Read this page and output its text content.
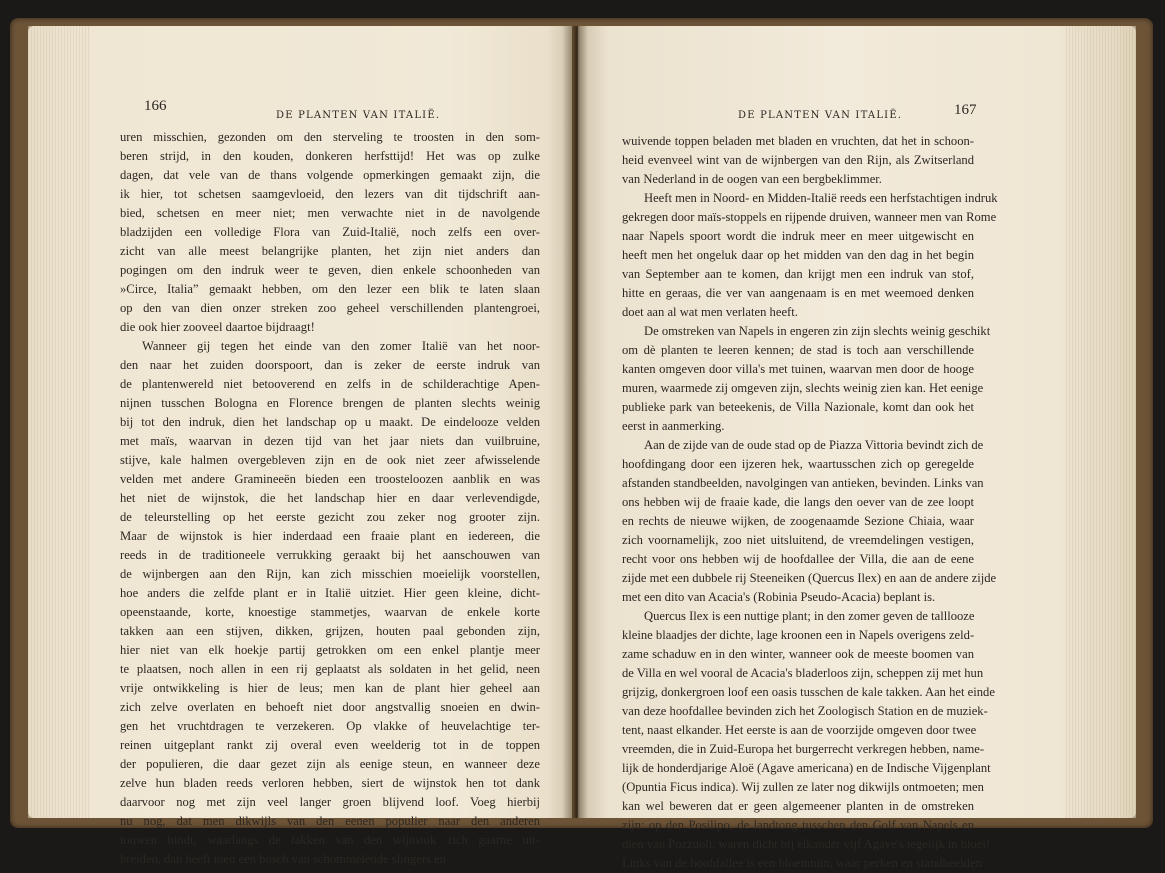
166
DE PLANTEN VAN ITALIË.
uren misschien, gezonden om den sterveling te troosten in den som-
beren strijd, in den kouden, donkeren herfsttijd! Het was op zulke
dagen, dat vele van de thans volgende opmerkingen gemaakt zijn, die
ik hier, tot schetsen saamgevloeid, den lezers van dit tijdschrift aan-
bied, schetsen en meer niet; men verwachte niet in de navolgende
bladzijden een volledige Flora van Zuid-Italië, noch zelfs een over-
zicht van alle meest belangrijke planten, het zijn niet anders dan
pogingen om den indruk weer te geven, dien enkele schoonheden van
»Circe, Italia” gemaakt hebben, om den lezer een blik te laten slaan
op den van dien onzer streken zoo geheel verschillenden plantengroei,
die ook hier zooveel daartoe bijdraagt!
Wanneer gij tegen het einde van den zomer Italië van het noor-
den naar het zuiden doorspoort, dan is zeker de eerste indruk van
de plantenwereld niet betooverend en zelfs in de schilderachtige Apen-
nijnen tusschen Bologna en Florence brengen de planten slechts weinig
bij tot den indruk, dien het landschap op u maakt. De eindelooze velden
met maïs, waarvan in dezen tijd van het jaar niets dan vuilbruine,
stijve, kale halmen overgebleven zijn en de ook niet zeer afwisselende
velden met andere Gramineeën bieden een troosteloozen aanblik en was
het niet de wijnstok, die het landschap hier en daar verlevendigde,
de teleurstelling op het eerste gezicht zou zeker nog grooter zijn.
Maar de wijnstok is hier inderdaad een fraaie plant en iedereen, die
reeds in de traditioneele verrukking geraakt bij het aanschouwen van
de wijnbergen aan den Rijn, kan zich misschien moeielijk voorstellen,
hoe anders die zelfde plant er in Italië uitziet. Hier geen kleine, dicht-
opeenstaande, korte, knoestige stammetjes, waarvan de enkele korte
takken aan een stijven, dikken, grijzen, houten paal gebonden zijn,
hier niet van elk hoekje partij getrokken om een enkel plantje meer
te plaatsen, noch allen in een rij geplaatst als soldaten in het gelid, neen
vrije ontwikkeling is hier de leus; men kan de plant hier geheel aan
zich zelve overlaten en behoeft niet door angstvallig snoeien en dwin-
gen het vruchtdragen te verzekeren. Op vlakke of heuvelachtige ter-
reinen uitgeplant rankt zij overal even weelderig tot in de toppen
der populieren, die daar gezet zijn als eenige steun, en wanneer deze
zelve hun bladen reeds verloren hebben, siert de wijnstok hen tot dank
daarvoor nog met zijn veel langer groen blijvend loof. Voeg hierbij
nu nog, dat men dikwijls van den eenen populier naar den anderen
touwen bindt, waarlangs de takken van den wijnstok zich gaarne uit-
breiden, dan heeft men een bosch van schommelende slingers en
DE PLANTEN VAN ITALIË.	167
wuivende toppen beladen met bladen en vruchten, dat het in schoon-
heid evenveel wint van de wijnbergen van den Rijn, als Zwitserland
van Nederland in de oogen van een bergbeklimmer.
Heeft men in Noord- en Midden-Italië reeds een herfstachtigen indruk
gekregen door maïs-stoppels en rijpende druiven, wanneer men van Rome
naar Napels spoort wordt die indruk meer en meer uitgewischt en
heeft men het ongeluk daar op het midden van den dag in het begin
van September aan te komen, dan krijgt men een indruk van stof,
hitte en geraas, die ver van aangenaam is en met weemoed denken
doet aan al wat men verlaten heeft.
De omstreken van Napels in engeren zin zijn slechts weinig geschikt
om dè planten te leeren kennen; de stad is toch aan verschillende
kanten omgeven door villa's met tuinen, waarvan men door de hooge
muren, waarmede zij omgeven zijn, slechts weinig zien kan. Het eenige
publieke park van beteekenis, de Villa Nazionale, komt dan ook het
eerst in aanmerking.
Aan de zijde van de oude stad op de Piazza Vittoria bevindt zich de
hoofdingang door een ijzeren hek, waartusschen zich op geregelde
afstanden standbeelden, navolgingen van antieken, bevinden. Links van
ons hebben wij de fraaie kade, die langs den oever van de zee loopt
en rechts de nieuwe wijken, de zoogenaamde Sezione Chiaia, waar
zich voornamelijk, zoo niet uitsluitend, de vreemdelingen vestigen,
recht voor ons hebben wij de hoofdallee der Villa, die aan de eene
zijde met een dubbele rij Steeneiken (Quercus Ilex) en aan de andere zijde
met een dito van Acacia's (Robinia Pseudo-Acacia) beplant is.
Quercus Ilex is een nuttige plant; in den zomer geven de talllooze
kleine blaadjes der dichte, lage kroonen een in Napels overigens zeld-
zame schaduw en in den winter, wanneer ook de meeste boomen van
de Villa en wel vooral de Acacia's bladerloos zijn, scheppen zij met hun
grijzig, donkergroen loof een oasis tusschen de kale takken. Aan het einde
van deze hoofdallee bevinden zich het Zoologisch Station en de muziek-
tent, naast elkander. Het eerste is aan de voorzijde omgeven door twee
vreemden, die in Zuid-Europa het burgerrecht verkregen hebben, name-
lijk de honderdjarige Aloë (Agave americana) en de Indische Vijgenplant
(Opuntia Ficus indica). Wij zullen ze later nog dikwijls ontmoeten; men
kan wel beweren dat er geen algemeener planten in de omstreken
zijn: op den Posilipo, de landtong tusschen den Golf van Napels en
dien van Pozzuoli, waren dicht bij elkander vijf Agave's tegelijk in bloei!
Links van de hoofdallee is een bloemtuin, waar perken en standbeelden
